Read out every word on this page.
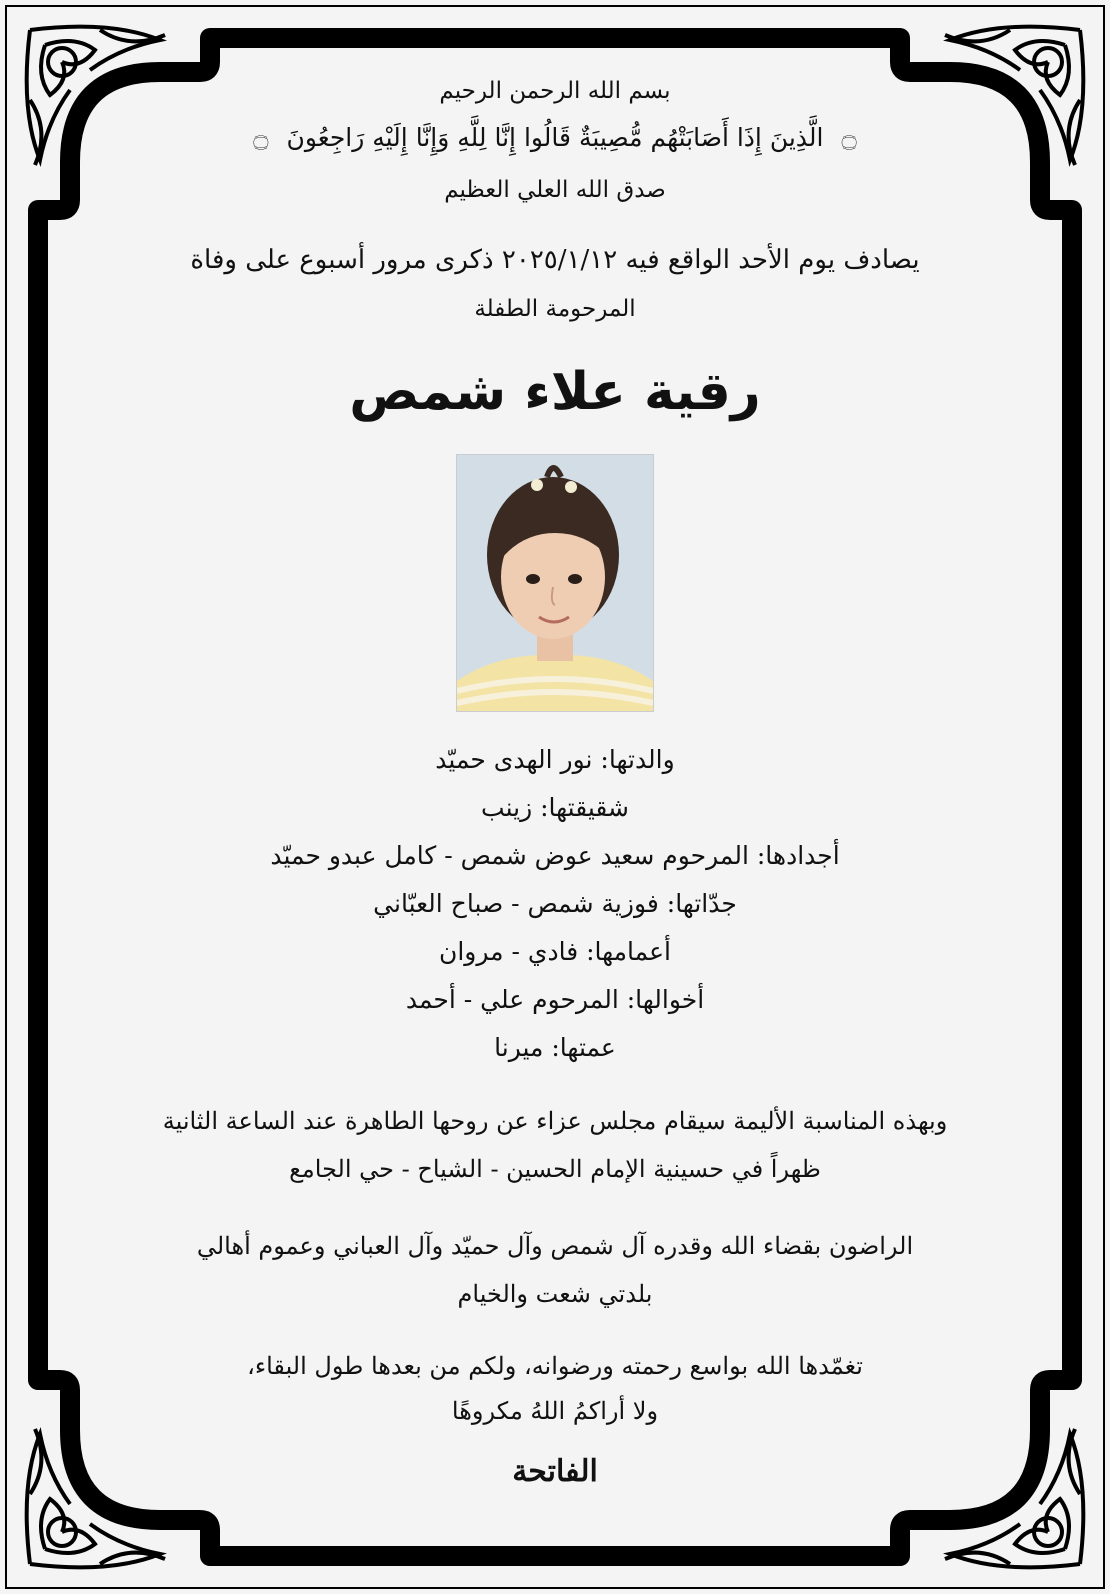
بسم الله الرحمن الرحيم
۝ الَّذِينَ إِذَا أَصَابَتْهُم مُّصِيبَةٌ قَالُوا إِنَّا لِلَّهِ وَإِنَّا إِلَيْهِ رَاجِعُونَ ۝
صدق الله العلي العظيم
يصادف يوم الأحد الواقع فيه ٢٠٢٥/١/١٢ ذكرى مرور أسبوع على وفاة
المرحومة الطفلة
رقية علاء شمص
والدتها: نور الهدى حميّد
شقيقتها: زينب
أجدادها: المرحوم سعيد عوض شمص - كامل عبدو حميّد
جدّاتها: فوزية شمص - صباح العبّاني
أعمامها: فادي - مروان
أخوالها: المرحوم علي - أحمد
عمتها: ميرنا
وبهذه المناسبة الأليمة سيقام مجلس عزاء عن روحها الطاهرة عند الساعة الثانية
ظهراً في حسينية الإمام الحسين - الشياح - حي الجامع
الراضون بقضاء الله وقدره آل شمص وآل حميّد وآل العباني وعموم أهالي
بلدتي شعت والخيام
تغمّدها الله بواسع رحمته ورضوانه، ولكم من بعدها طول البقاء،
ولا أراكمُ اللهُ مكروهًا
الفاتحة
